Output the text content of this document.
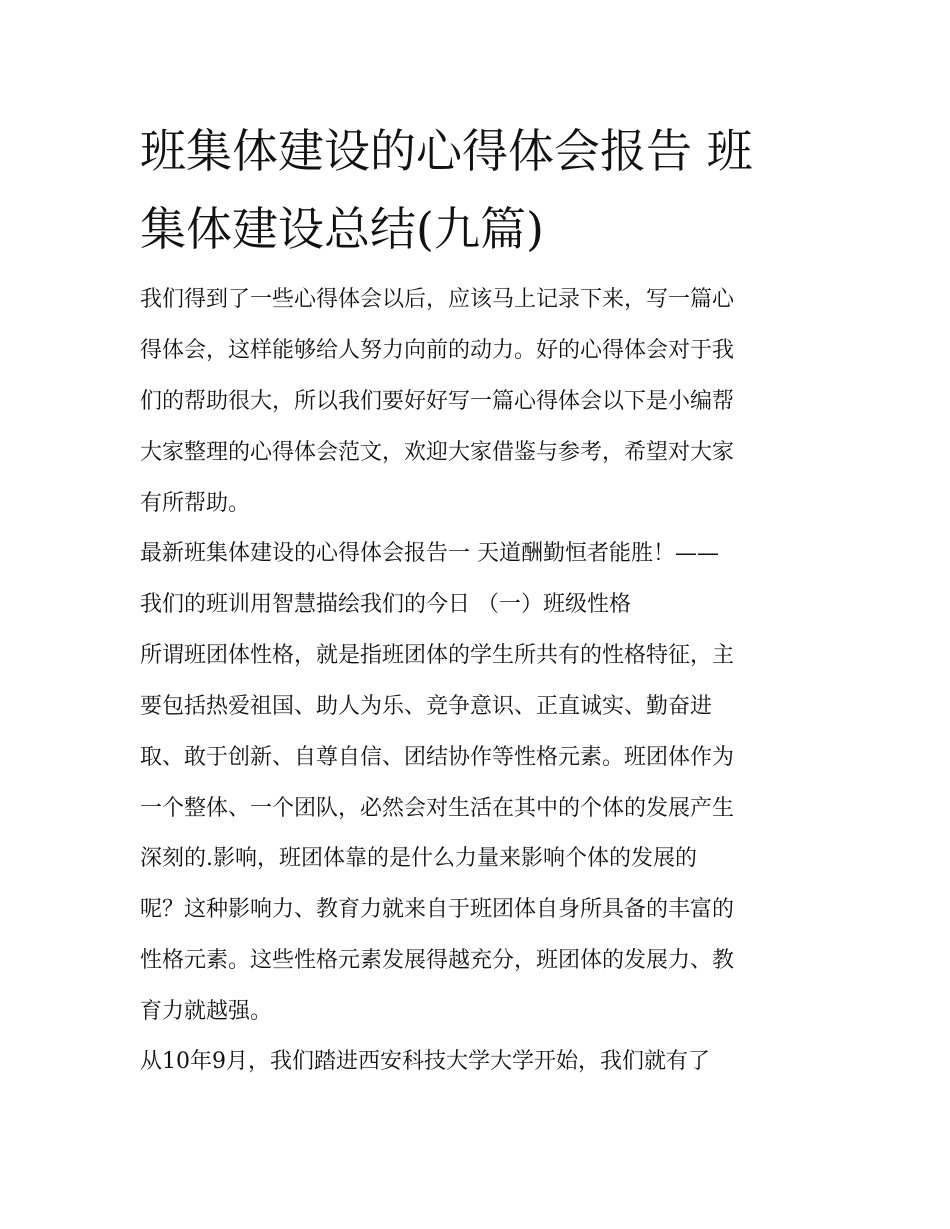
班集体建设的心得体会报告 班
集体建设总结(九篇)
我们得到了一些心得体会以后，应该马上记录下来，写一篇心
得体会，这样能够给人努力向前的动力。好的心得体会对于我
们的帮助很大，所以我们要好好写一篇心得体会以下是小编帮
大家整理的心得体会范文，欢迎大家借鉴与参考，希望对大家
有所帮助。
最新班集体建设的心得体会报告一 天道酬勤恒者能胜！——
我们的班训用智慧描绘我们的今日 （一）班级性格
所谓班团体性格，就是指班团体的学生所共有的性格特征，主
要包括热爱祖国、助人为乐、竞争意识、正直诚实、勤奋进
取、敢于创新、自尊自信、团结协作等性格元素。班团体作为
一个整体、一个团队，必然会对生活在其中的个体的发展产生
深刻的.影响，班团体靠的是什么力量来影响个体的发展的
呢？这种影响力、教育力就来自于班团体自身所具备的丰富的
性格元素。这些性格元素发展得越充分，班团体的发展力、教
育力就越强。
从10年9月，我们踏进西安科技大学大学开始，我们就有了
